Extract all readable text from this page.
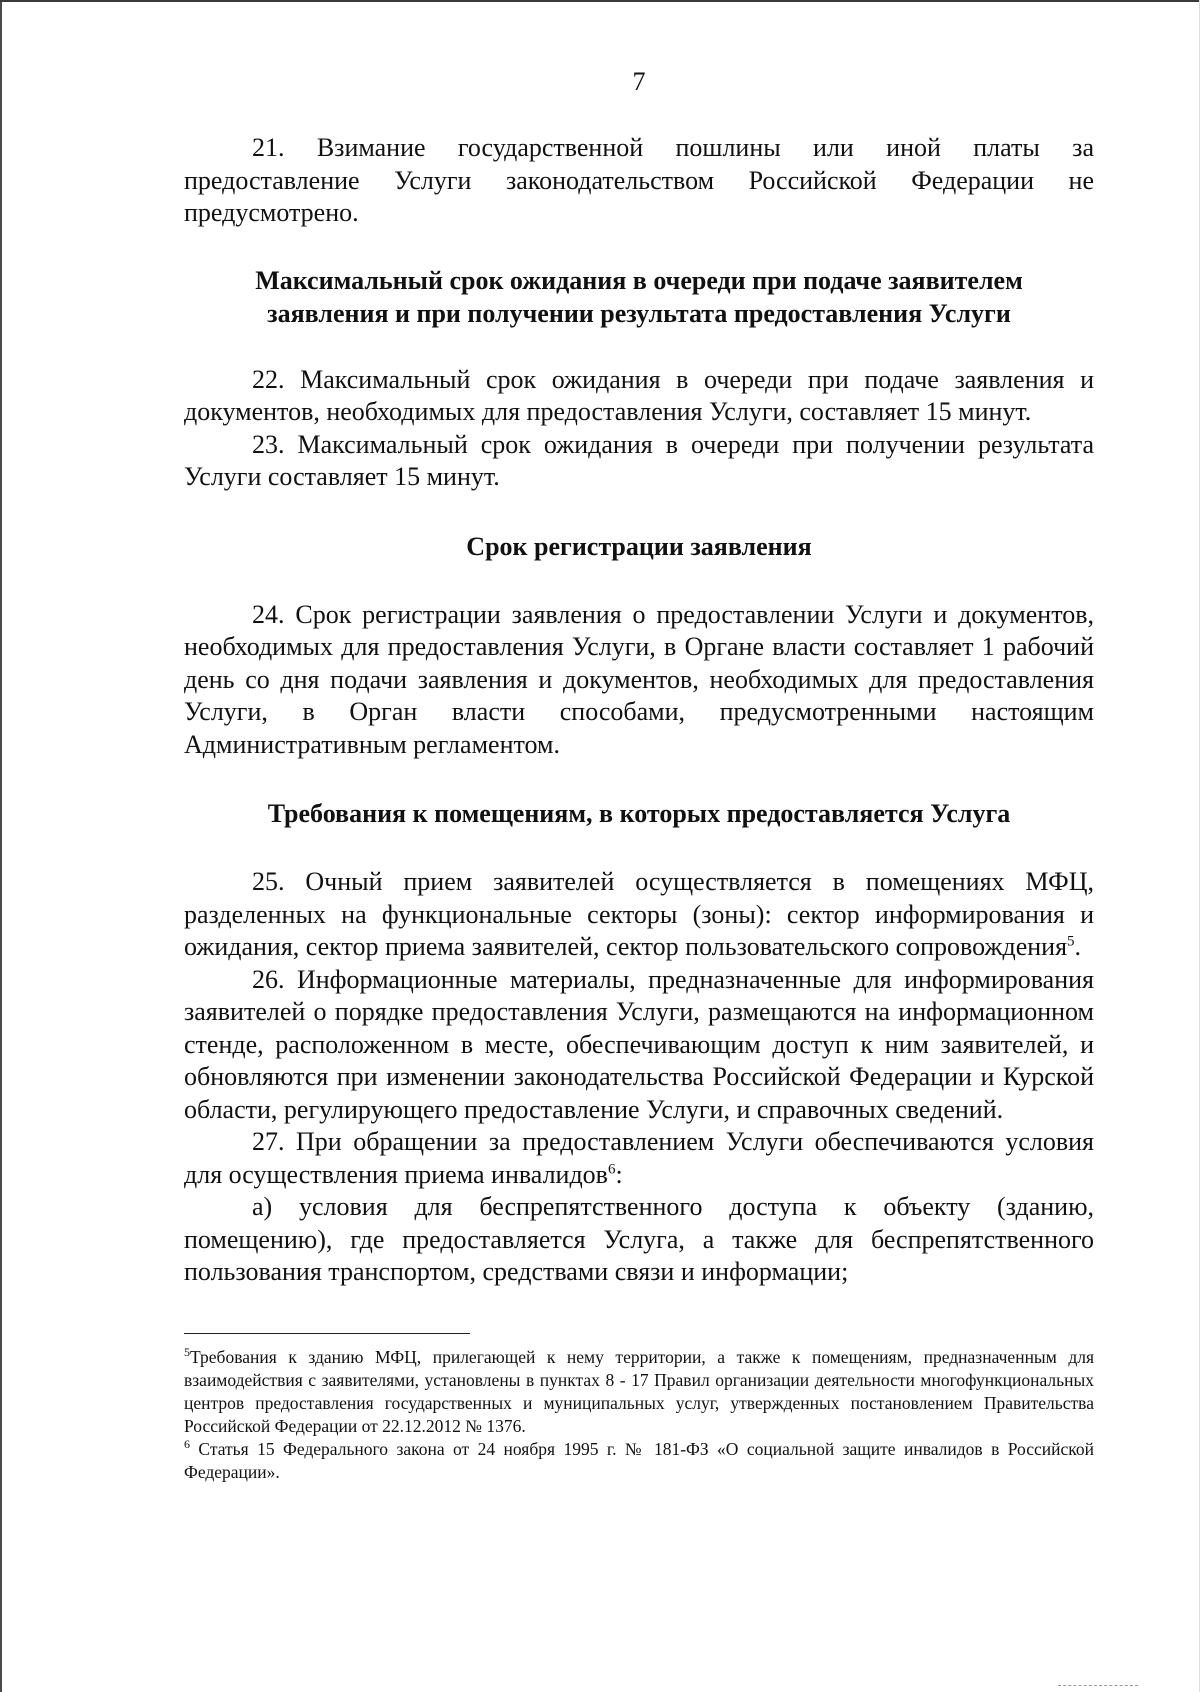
7

21. Взимание государственной пошлины или иной платы за предоставление Услуги законодательством Российской Федерации не предусмотрено.

Максимальный срок ожидания в очереди при подаче заявителем
заявления и при получении результата предоставления Услуги

22. Максимальный срок ожидания в очереди при подаче заявления и документов, необходимых для предоставления Услуги, составляет 15 минут.

23. Максимальный срок ожидания в очереди при получении результата Услуги составляет 15 минут.

Срок регистрации заявления

24. Срок регистрации заявления о предоставлении Услуги и документов, необходимых для предоставления Услуги, в Органе власти составляет 1 рабочий день со дня подачи заявления и документов, необходимых для предоставления Услуги, в Орган власти способами, предусмотренными настоящим Административным регламентом.

Требования к помещениям, в которых предоставляется Услуга

25. Очный прием заявителей осуществляется в помещениях МФЦ, разделенных на функциональные секторы (зоны): сектор информирования и ожидания, сектор приема заявителей, сектор пользовательского сопровождения$^5$.

26. Информационные материалы, предназначенные для информирования заявителей о порядке предоставления Услуги, размещаются на информационном стенде, расположенном в месте, обеспечивающим доступ к ним заявителей, и обновляются при изменении законодательства Российской Федерации и Курской области, регулирующего предоставление Услуги, и справочных сведений.

27. При обращении за предоставлением Услуги обеспечиваются условия для осуществления приема инвалидов$^6$:

а) условия для беспрепятственного доступа к объекту (зданию, помещению), где предоставляется Услуга, а также для беспрепятственного пользования транспортом, средствами связи и информации;

$^5$Требования к зданию МФЦ, прилегающей к нему территории, а также к помещениям, предназначенным для взаимодействия с заявителями, установлены в пунктах 8 - 17 Правил организации деятельности многофункциональных центров предоставления государственных и муниципальных услуг, утвержденных постановлением Правительства Российской Федерации от 22.12.2012 № 1376.

$^6$ Статья 15 Федерального закона от 24 ноября 1995 г. № 181-ФЗ «О социальной защите инвалидов в Российской Федерации».
